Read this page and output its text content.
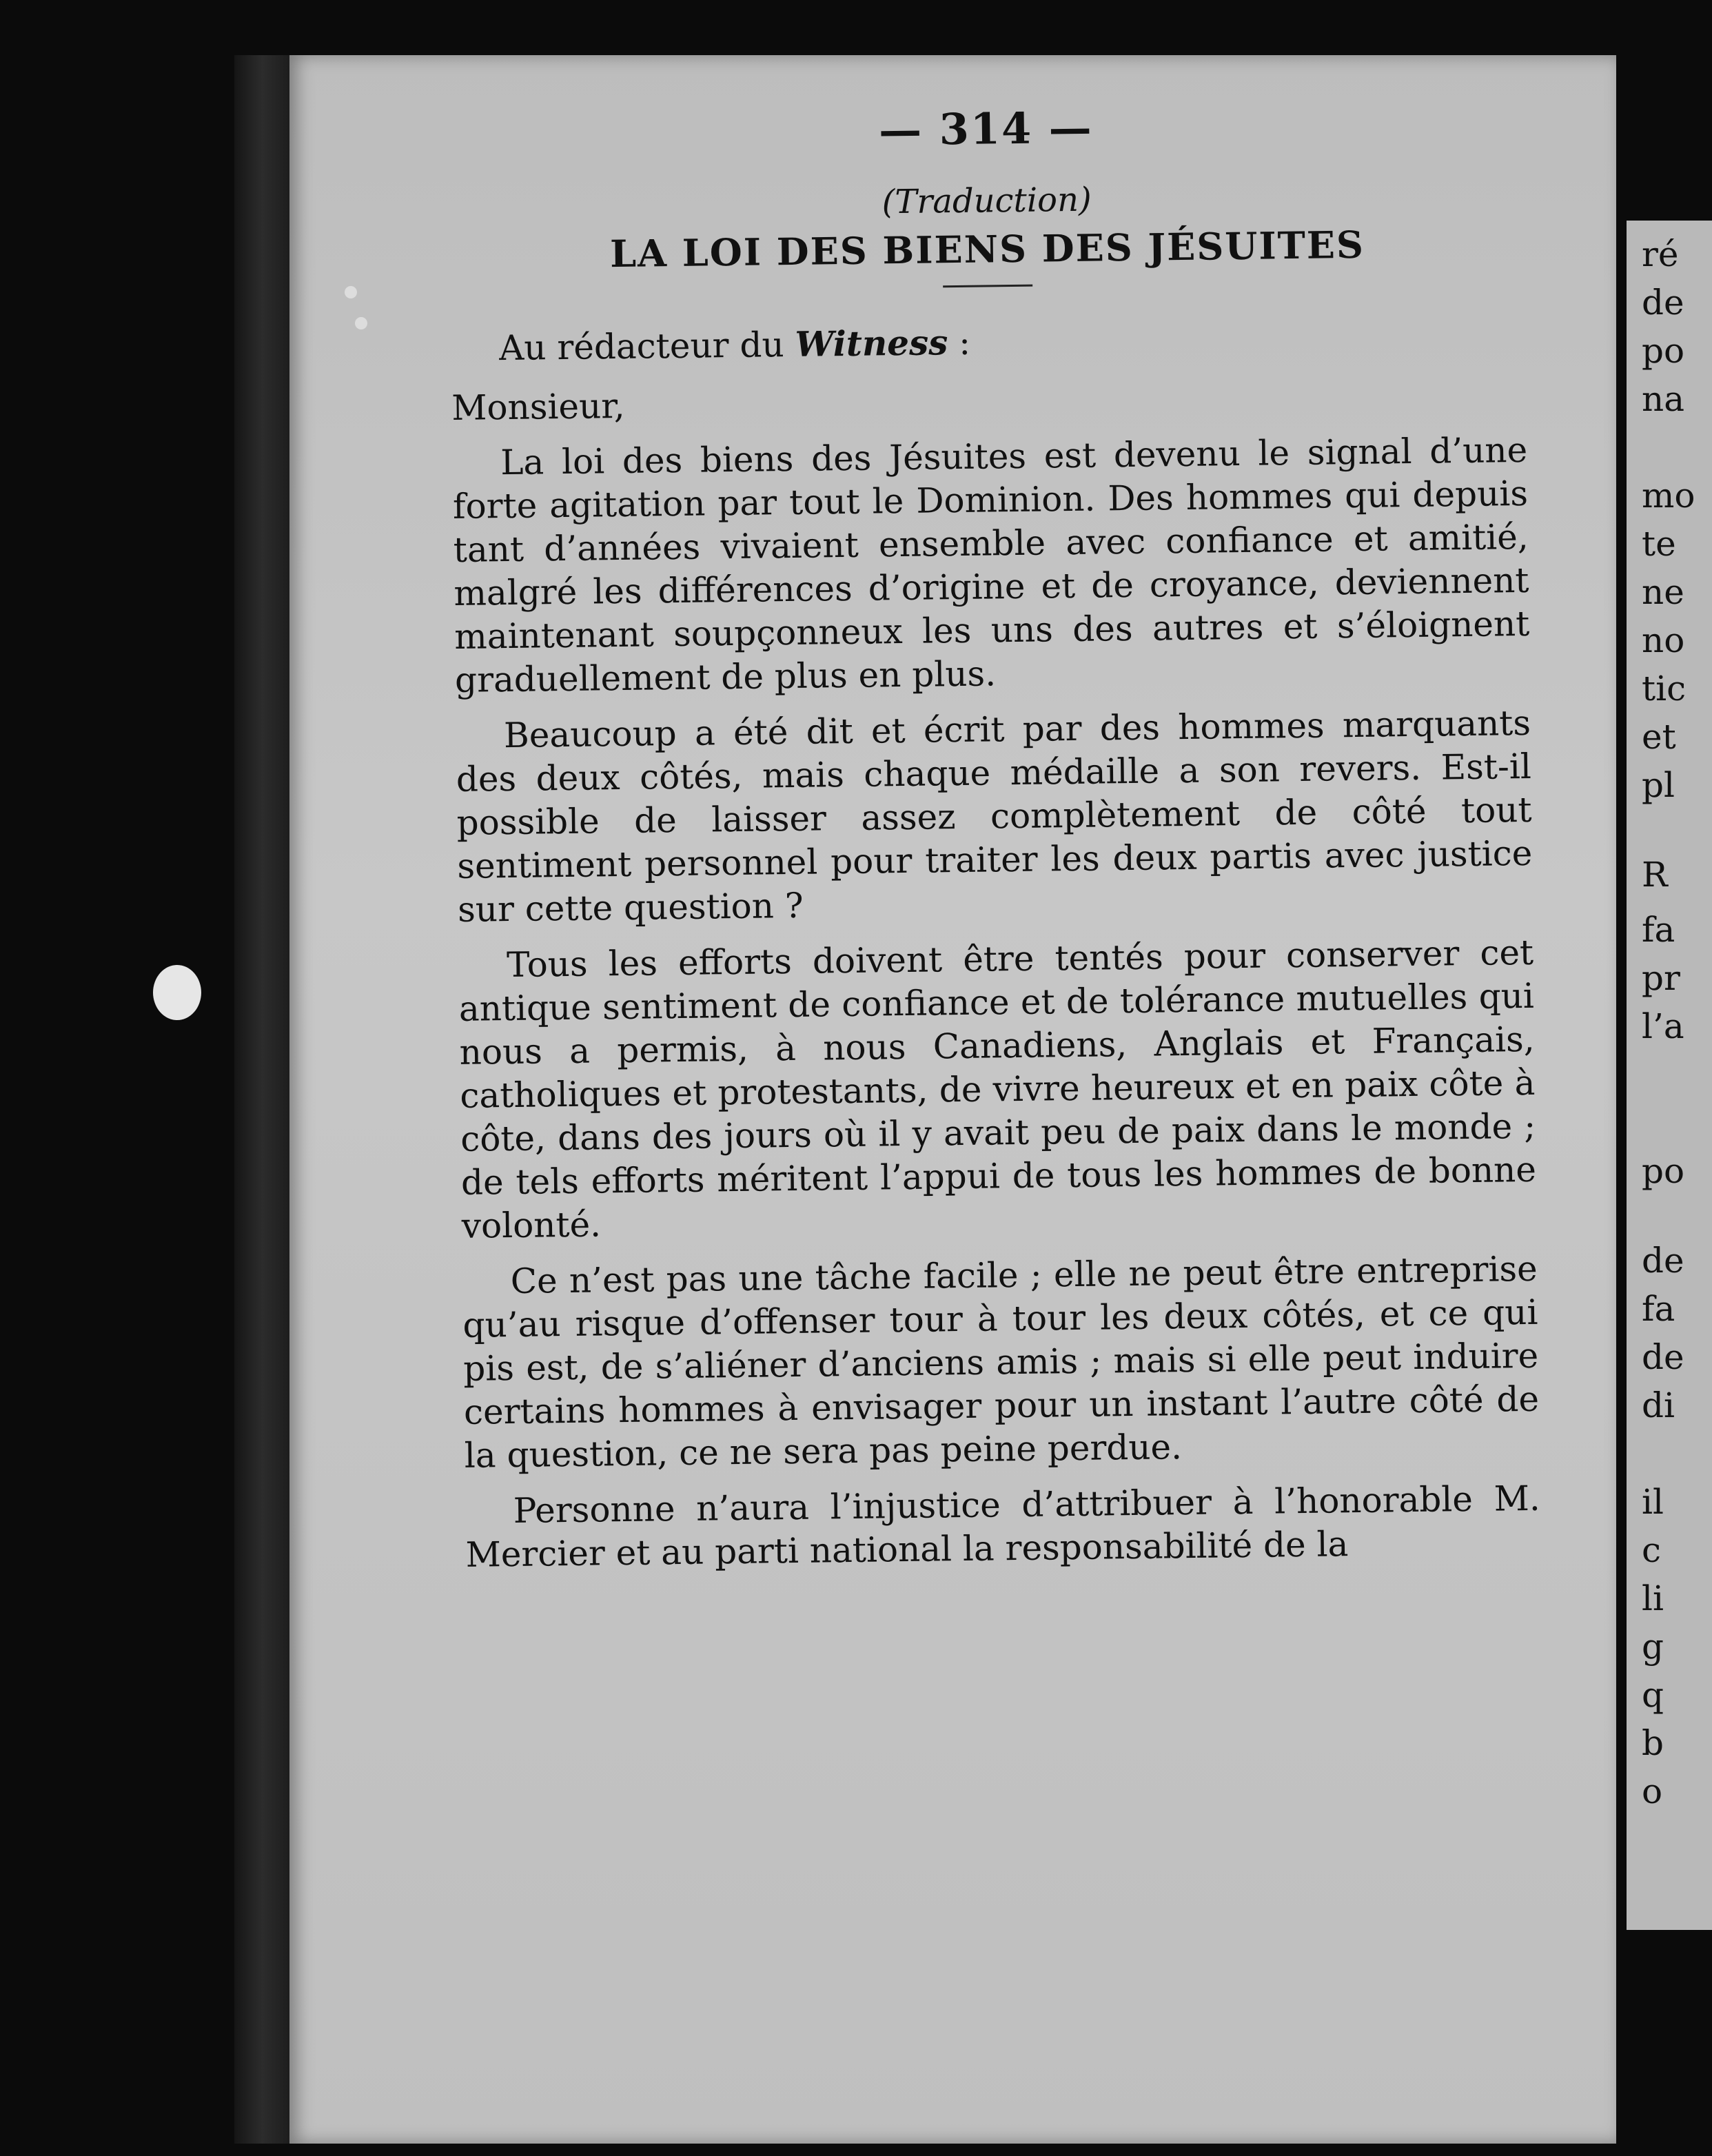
— 314 —
(Traduction)
LA LOI DES BIENS DES JÉSUITES
Au rédacteur du Witness :
Monsieur,

La loi des biens des Jésuites est devenu le signal d’une forte agitation par tout le Dominion. Des hommes qui depuis tant d’années vivaient ensemble avec confiance et amitié, malgré les différences d’origine et de croyance, deviennent maintenant soupçonneux les uns des autres et s’éloignent graduellement de plus en plus.

Beaucoup a été dit et écrit par des hommes marquants des deux côtés, mais chaque médaille a son revers. Est-il possible de laisser assez complètement de côté tout sentiment personnel pour traiter les deux partis avec justice sur cette question ?

Tous les efforts doivent être tentés pour conserver cet antique sentiment de confiance et de tolérance mutuelles qui nous a permis, à nous Canadiens, Anglais et Français, catholiques et protestants, de vivre heureux et en paix côte à côte, dans des jours où il y avait peu de paix dans le monde ; de tels efforts méritent l’appui de tous les hommes de bonne volonté.

Ce n’est pas une tâche facile ; elle ne peut être entreprise qu’au risque d’offenser tour à tour les deux côtés, et ce qui pis est, de s’aliéner d’anciens amis ; mais si elle peut induire certains hommes à envisager pour un instant l’autre côté de la question, ce ne sera pas peine perdue.

Personne n’aura l’injustice d’attribuer à l’honorable M. Mercier et au parti national la responsabilité de la

ré
de
po
na
mo
te
ne
no
tic
et
pl
R
fa
pr
l’a
po
de
fa
de
di
il
c
li
g
q
b
o
